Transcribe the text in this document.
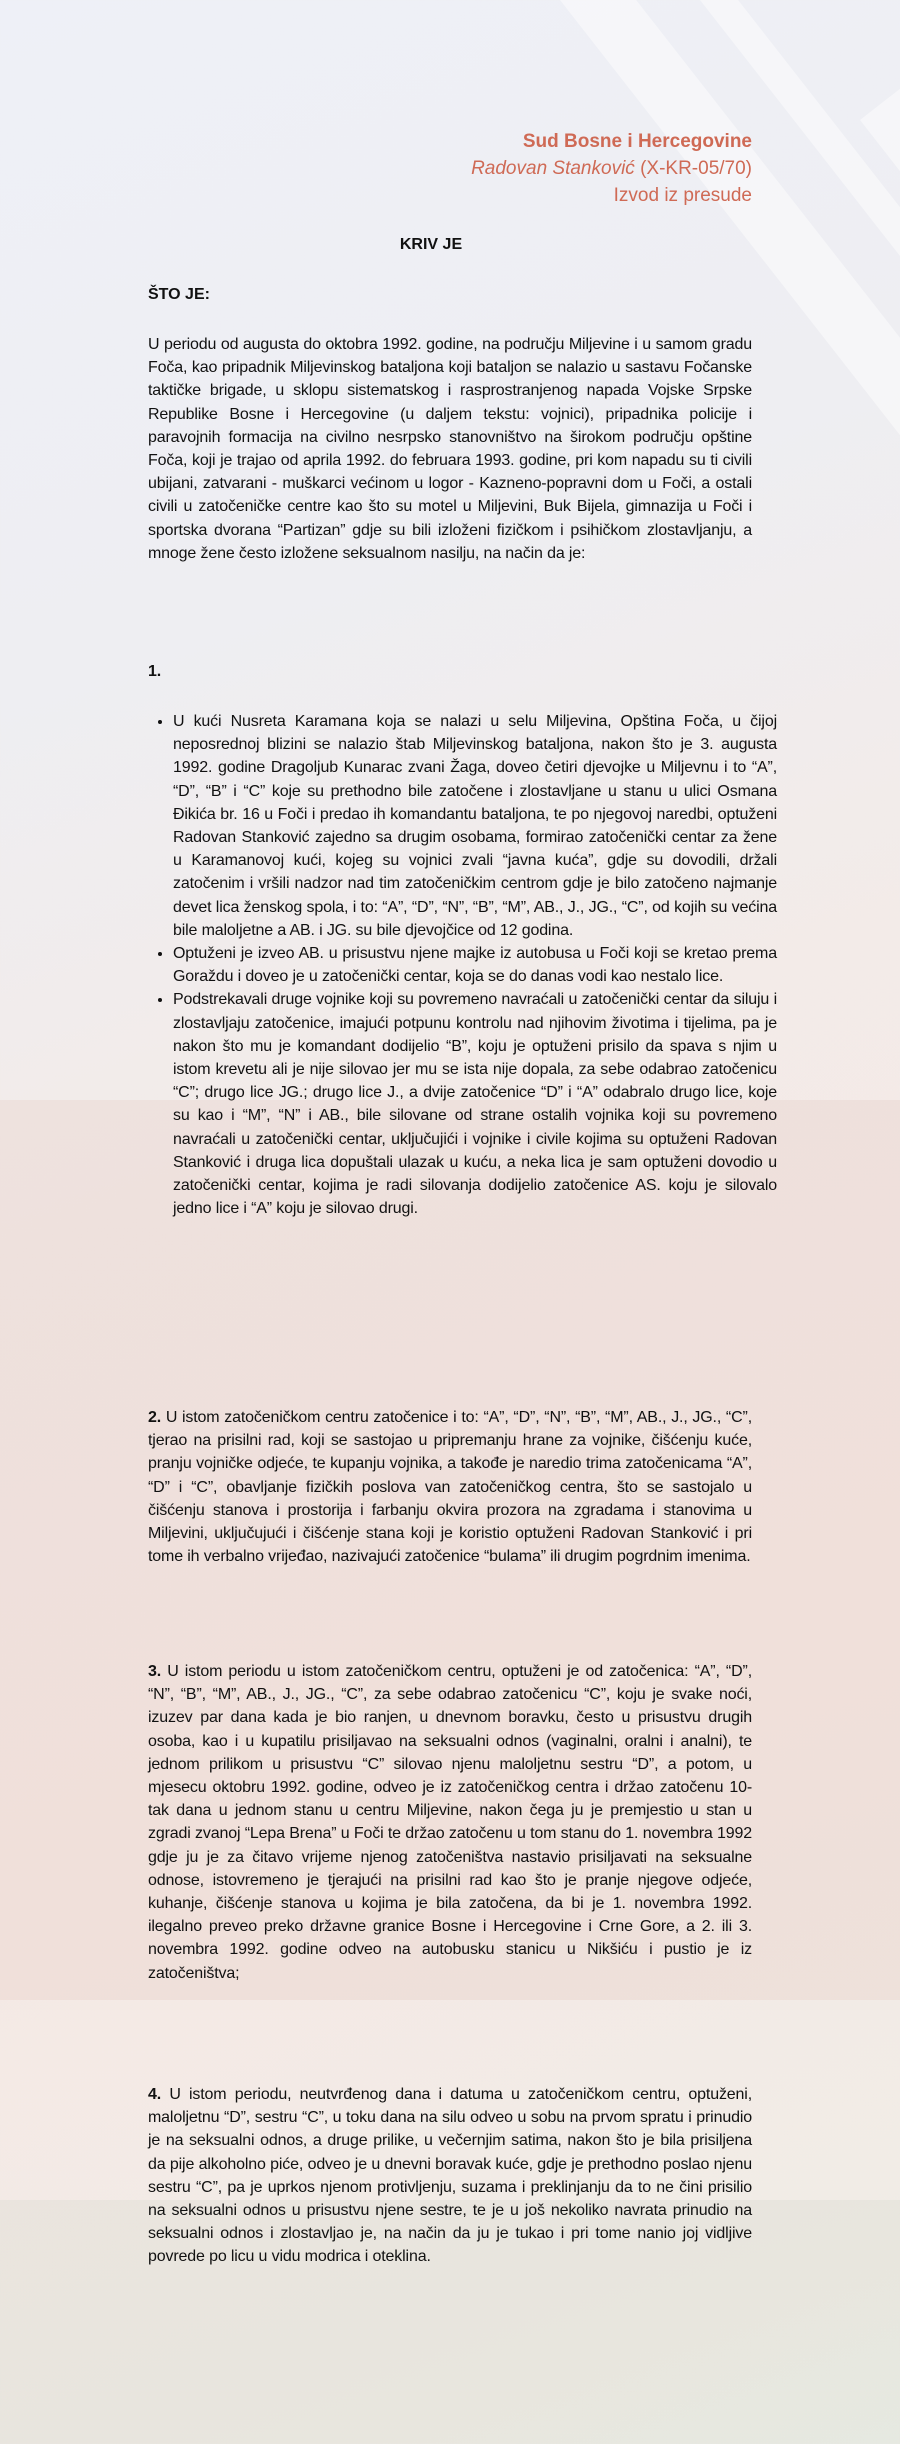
Sud Bosne i Hercegovine
Radovan Stanković (X-KR-05/70)
Izvod iz presude
KRIV JE
ŠTO JE:

U periodu od augusta do oktobra 1992. godine, na području Miljevine i u samom gradu Foča, kao pripadnik Miljevinskog bataljona koji bataljon se nalazio u sastavu Fočanske taktičke brigade, u sklopu sistematskog i rasprostranjenog napada Vojske Srpske Republike Bosne i Hercegovine (u daljem tekstu: vojnici), pripadnika policije i paravojnih formacija na civilno nesrpsko stanovništvo na širokom području opštine Foča, koji je trajao od aprila 1992. do februara 1993. godine, pri kom napadu su ti civili ubijani, zatvarani - muškarci većinom u logor - Kazneno-popravni dom u Foči, a ostali civili u zatočeničke centre kao što su motel u Miljevini, Buk Bijela, gimnazija u Foči i sportska dvorana “Partizan” gdje su bili izloženi fizičkom i psihičkom zlostavljanju, a mnoge žene često izložene seksualnom nasilju, na način da je:

1.

• U kući Nusreta Karamana koja se nalazi u selu Miljevina, Opština Foča, u čijoj neposrednoj blizini se nalazio štab Miljevinskog bataljona, nakon što je 3. augusta 1992. godine Dragoljub Kunarac zvani Žaga, doveo četiri djevojke u Miljevnu i to “A”, “D”, “B” i “C” koje su prethodno bile zatočene i zlostavljane u stanu u ulici Osmana Đikića br. 16 u Foči i predao ih komandantu bataljona, te po njegovoj naredbi, optuženi Radovan Stanković zajedno sa drugim osobama, formirao zatočenički centar za žene u Karamanovoj kući, kojeg su vojnici zvali “javna kuća”, gdje su dovodili, držali zatočenim i vršili nadzor nad tim zatočeničkim centrom gdje je bilo zatočeno najmanje devet lica ženskog spola, i to: “A”, “D”, “N”, “B”, “M”, AB., J., JG., “C”, od kojih su većina bile maloljetne a AB. i JG. su bile djevojčice od 12 godina.
• Optuženi je izveo AB. u prisustvu njene majke iz autobusa u Foči koji se kretao prema Goraždu i doveo je u zatočenički centar, koja se do danas vodi kao nestalo lice.
• Podstrekavali druge vojnike koji su povremeno navraćali u zatočenički centar da siluju i zlostavljaju zatočenice, imajući potpunu kontrolu nad njihovim životima i tijelima, pa je nakon što mu je komandant dodijelio “B”, koju je optuženi prisilo da spava s njim u istom krevetu ali je nije silovao jer mu se ista nije dopala, za sebe odabrao zatočenicu “C”; drugo lice JG.; drugo lice J., a dvije zatočenice “D” i “A” odabralo drugo lice, koje su kao i “M”, “N” i AB., bile silovane od strane ostalih vojnika koji su povremeno navraćali u zatočenički centar, uključujići i vojnike i civile kojima su optuženi Radovan Stanković i druga lica dopuštali ulazak u kuću, a neka lica je sam optuženi dovodio u zatočenički centar, kojima je radi silovanja dodijelio zatočenice AS. koju je silovalo jedno lice i “A” koju je silovao drugi.

2. U istom zatočeničkom centru zatočenice i to: “A”, “D”, “N”, “B”, “M”, AB., J., JG., “C”, tjerao na prisilni rad, koji se sastojao u pripremanju hrane za vojnike, čišćenju kuće, pranju vojničke odjeće, te kupanju vojnika, a takođe je naredio trima zatočenicama “A”, “D” i “C”, obavljanje fizičkih poslova van zatočeničkog centra, što se sastojalo u čišćenju stanova i prostorija i farbanju okvira prozora na zgradama i stanovima u Miljevini, uključujući i čišćenje stana koji je koristio optuženi Radovan Stanković i pri tome ih verbalno vrijeđao, nazivajući zatočenice “bulama” ili drugim pogrdnim imenima.

3. U istom periodu u istom zatočeničkom centru, optuženi je od zatočenica: “A”, “D”, “N”, “B”, “M”, AB., J., JG., “C”, za sebe odabrao zatočenicu “C”, koju je svake noći, izuzev par dana kada je bio ranjen, u dnevnom boravku, često u prisustvu drugih osoba, kao i u kupatilu prisiljavao na seksualni odnos (vaginalni, oralni i analni), te jednom prilikom u prisustvu “C” silovao njenu maloljetnu sestru “D”, a potom, u mjesecu oktobru 1992. godine, odveo je iz zatočeničkog centra i držao zatočenu 10-tak dana u jednom stanu u centru Miljevine, nakon čega ju je premjestio u stan u zgradi zvanoj “Lepa Brena” u Foči te držao zatočenu u tom stanu do 1. novembra 1992 gdje ju je za čitavo vrijeme njenog zatočeništva nastavio prisiljavati na seksualne odnose, istovremeno je tjerajući na prisilni rad kao što je pranje njegove odjeće, kuhanje, čišćenje stanova u kojima je bila zatočena, da bi je 1. novembra 1992. ilegalno preveo preko državne granice Bosne i Hercegovine i Crne Gore, a 2. ili 3. novembra 1992. godine odveo na autobusku stanicu u Nikšiću i pustio je iz zatočeništva;

4. U istom periodu, neutvrđenog dana i datuma u zatočeničkom centru, optuženi, maloljetnu “D”, sestru “C”, u toku dana na silu odveo u sobu na prvom spratu i prinudio je na seksualni odnos, a druge prilike, u večernjim satima, nakon što je bila prisiljena da pije alkoholno piće, odveo je u dnevni boravak kuće, gdje je prethodno poslao njenu sestru “C”, pa je uprkos njenom protivljenju, suzama i preklinjanju da to ne čini prisilio na seksualni odnos u prisustvu njene sestre, te je u još nekoliko navrata prinudio na seksualni odnos i zlostavljao je, na način da ju je tukao i pri tome nanio joj vidljive povrede po licu u vidu modrica i oteklina.
